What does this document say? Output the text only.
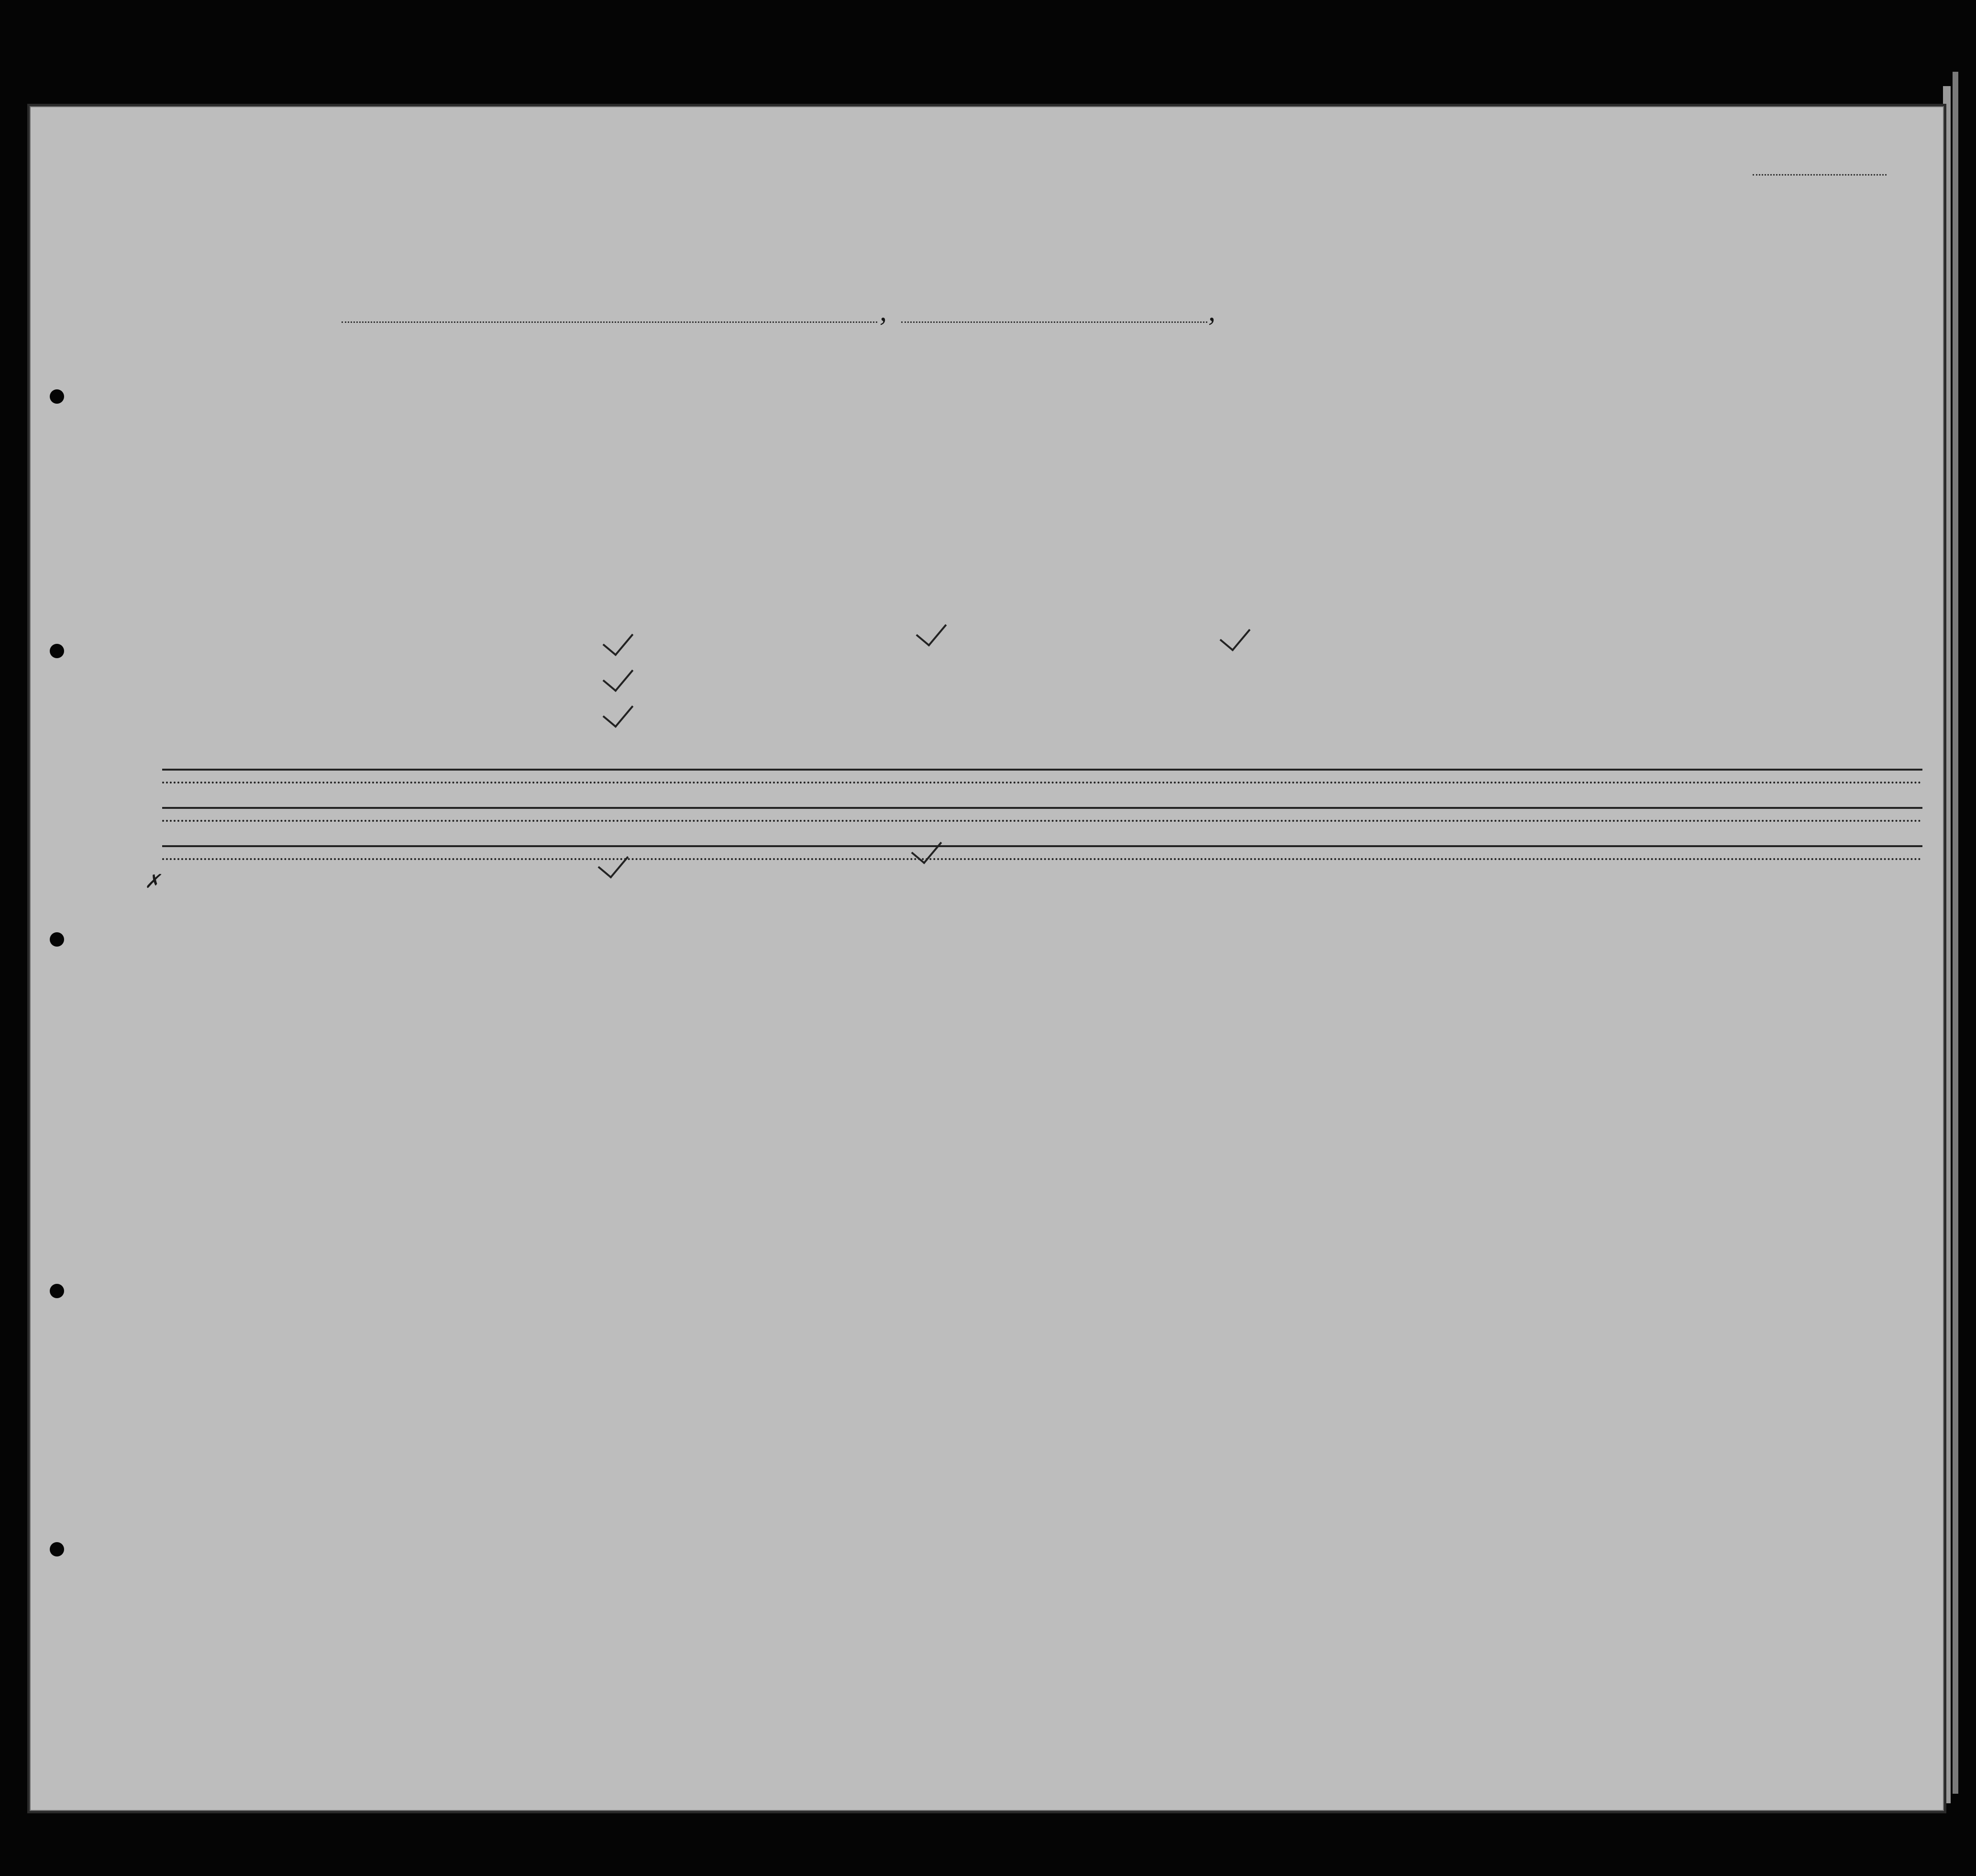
,	,
✗
